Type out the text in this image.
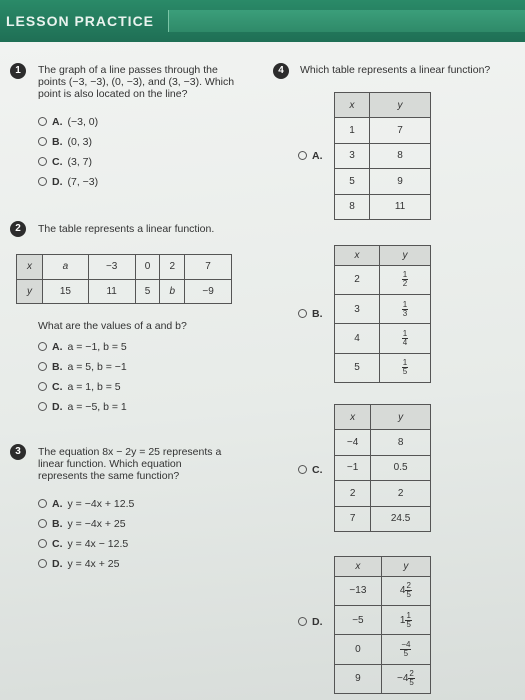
LESSON PRACTICE
1	The graph of a line passes through the points (−3, −3), (0, −3), and (3, −3). Which point is also located on the line?
A. (−3, 0)
B. (0, 3)
C. (3, 7)
D. (7, −3)
2	The table represents a linear function.
x	a	−3	0	2	7
y	15	11	5	b	−9
What are the values of a and b?
A. a = −1, b = 5
B. a = 5, b = −1
C. a = 1, b = 5
D. a = −5, b = 1
3	The equation 8x − 2y = 25 represents a linear function. Which equation represents the same function?
A. y = −4x + 12.5
B. y = −4x + 25
C. y = 4x − 12.5
D. y = 4x + 25
4	Which table represents a linear function?
A.
x	y
1	7
3	8
5	9
8	11
B.
x	y
2	$\frac{1}{2}$

3	$\frac{1}{3}$

4	$\frac{1}{4}$

5	$\frac{1}{5}$
C.
x	y
−4	8
−1	0.5
2	2
7	24.5
D.
x	y
−13	$4 \frac{2}{5}$

−5	$1 \frac{1}{5}$

0	$\frac{-4}{5}$

9	$-4 \frac{2}{5}$
